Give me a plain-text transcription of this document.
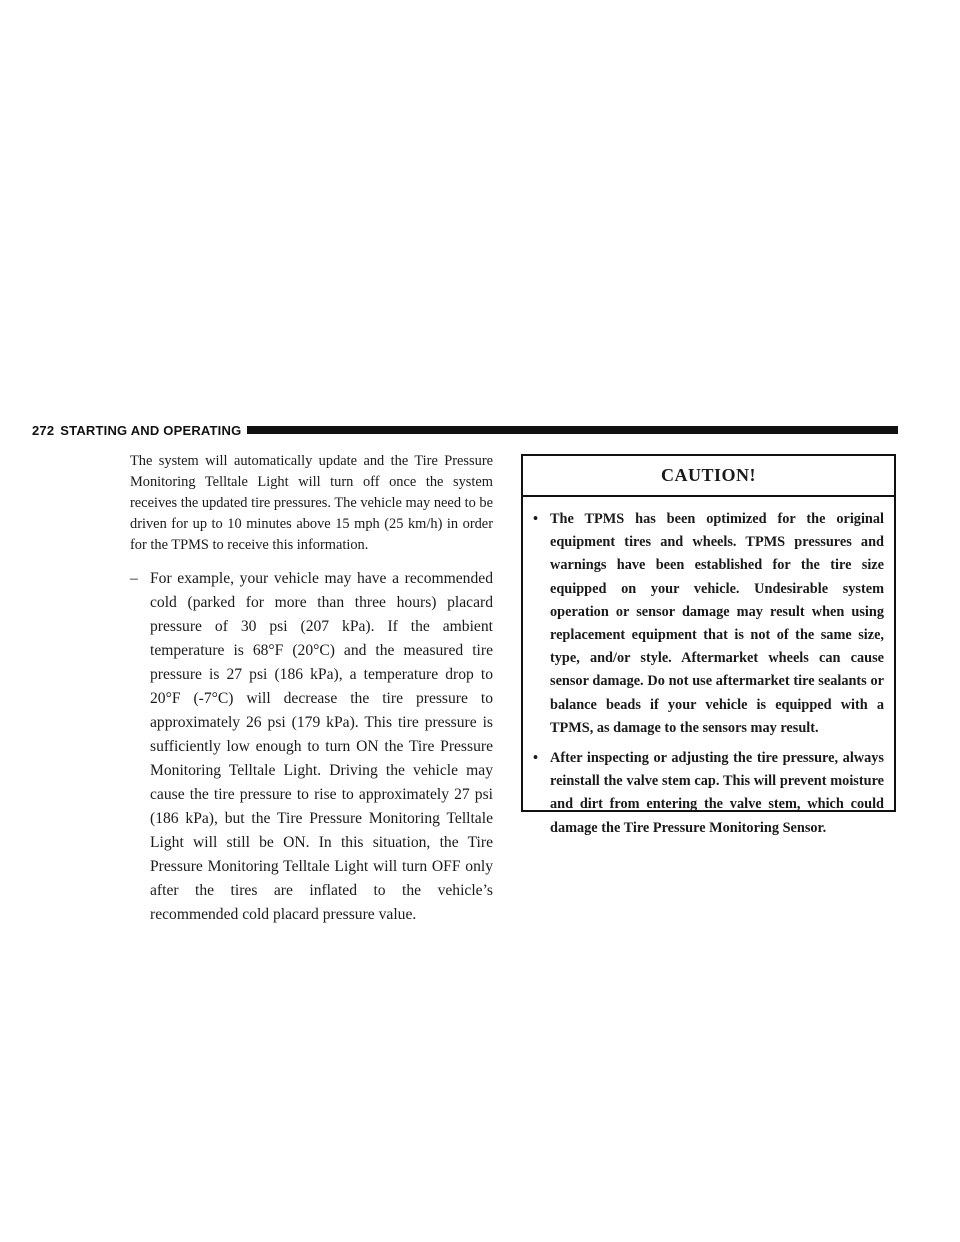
272 STARTING AND OPERATING

The system will automatically update and the Tire Pressure Monitoring Telltale Light will turn off once the system receives the updated tire pressures. The vehicle may need to be driven for up to 10 minutes above 15 mph (25 km/h) in order for the TPMS to receive this information.

– For example, your vehicle may have a recommended cold (parked for more than three hours) placard pressure of 30 psi (207 kPa). If the ambient temperature is 68°F (20°C) and the measured tire pressure is 27 psi (186 kPa), a temperature drop to 20°F (-7°C) will decrease the tire pressure to approximately 26 psi (179 kPa). This tire pressure is sufficiently low enough to turn ON the Tire Pressure Monitoring Telltale Light. Driving the vehicle may cause the tire pressure to rise to approximately 27 psi (186 kPa), but the Tire Pressure Monitoring Telltale Light will still be ON. In this situation, the Tire Pressure Monitoring Telltale Light will turn OFF only after the tires are inflated to the vehicle’s recommended cold placard pressure value.
CAUTION!
• The TPMS has been optimized for the original equipment tires and wheels. TPMS pressures and warnings have been established for the tire size equipped on your vehicle. Undesirable system operation or sensor damage may result when using replacement equipment that is not of the same size, type, and/or style. Aftermarket wheels can cause sensor damage. Do not use aftermarket tire sealants or balance beads if your vehicle is equipped with a TPMS, as damage to the sensors may result.
• After inspecting or adjusting the tire pressure, always reinstall the valve stem cap. This will prevent moisture and dirt from entering the valve stem, which could damage the Tire Pressure Monitoring Sensor.
